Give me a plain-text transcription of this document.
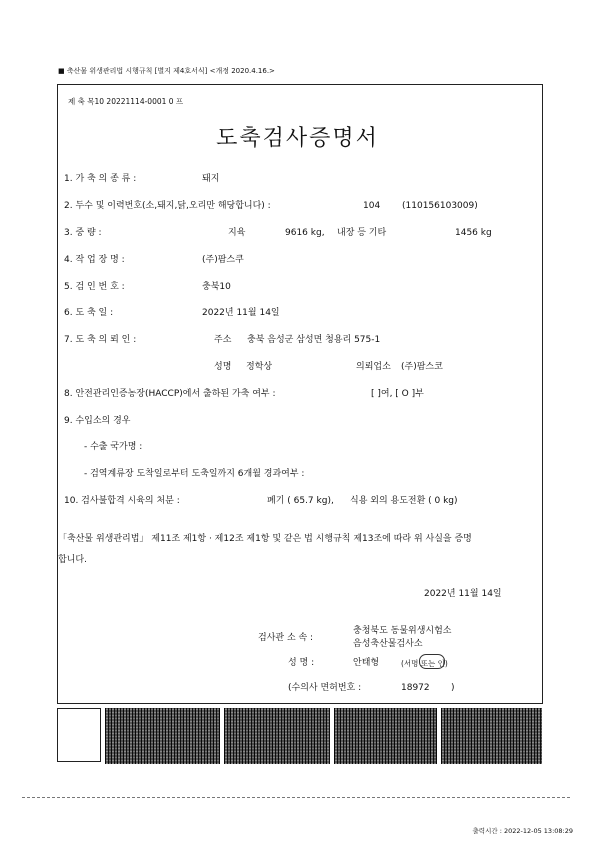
■ 축산물 위생관리법 시행규칙 [별지 제4호서식] <개정 2020.4.16.>
제 축 목10 20221114-0001 0 프
도축검사증명서
1. 가 축 의 종 류 :	돼지
2. 두수 및 이력번호(소,돼지,닭,오리만 해당합니다) :	104 (110156103009)
3. 중 량 :	지육	9616 kg, 내장 등 기타	1456 kg
4. 작 업 장 명 :	(주)팜스쿠
5. 검 인 번 호 :	충북10
6. 도 축 일 :	2022년 11월 14일
7. 도 축 의 뢰 인 :	주소 충북 음성군 삼성면 청용리 575-1
성명 정학상	의뢰업소 (주)팜스코
8. 안전관리인증농장(HACCP)에서 출하된 가축 여부 :	[ ]여, [ O ]부
9. 수입소의 경우
- 수출 국가명 :
- 검역계류장 도착일로부터 도축일까지 6개월 경과여부 :
10. 검사불합격 시육의 처분 :	폐기 ( 65.7 kg), 식용 외의 용도전환 ( 0 kg)
「축산물 위생관리법」 제11조 제1항 · 제12조 제1항 및 같은 법 시행규칙 제13조에 따라 위 사실을 증명
합니다.
2022년 11월 14일
검사관 소 속 :
충청북도 동물위생시험소
음성축산물검사소
성 명 :	안태형	(서명 또는 인)
(수의사 면허번호 :	18972 )
출력시간 : 2022-12-05 13:08:29
